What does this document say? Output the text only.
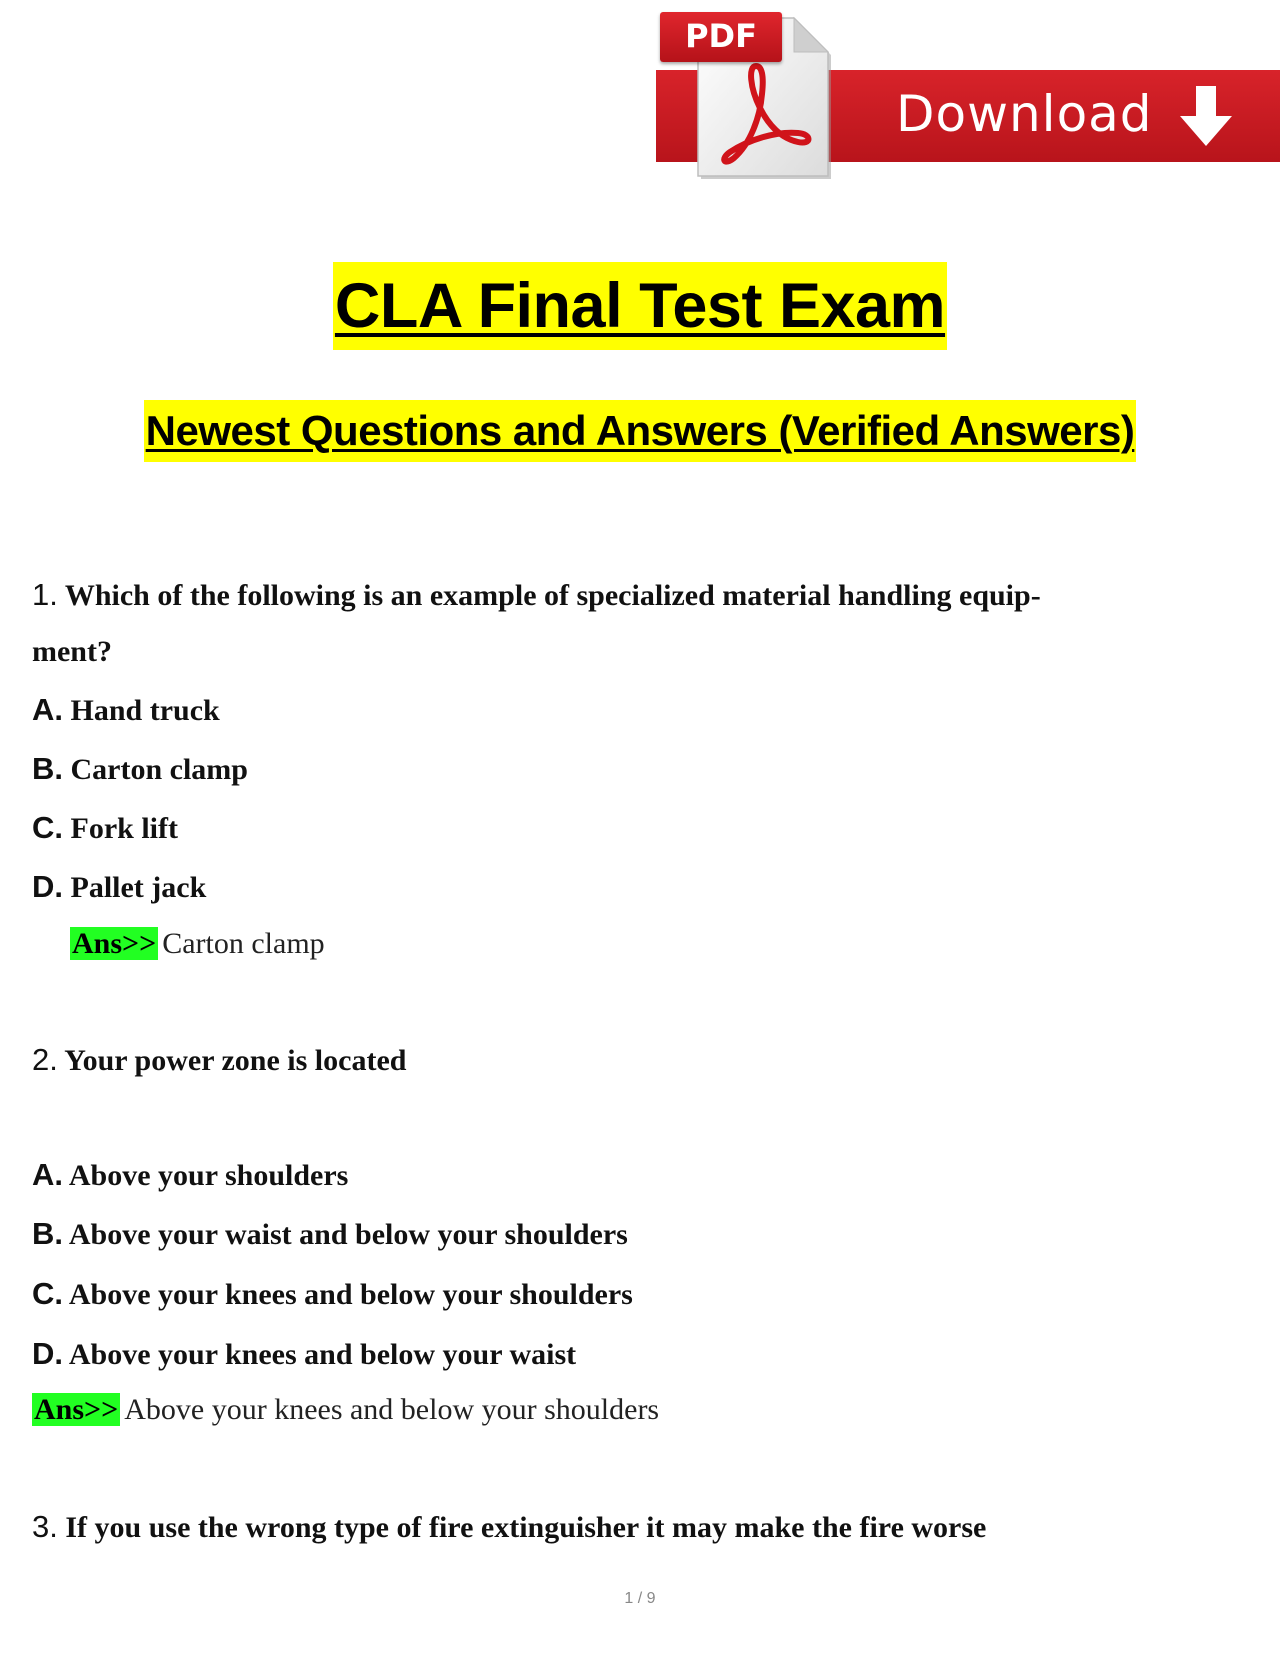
Download
PDF
CLA Final Test Exam
Newest Questions and Answers (Verified Answers)
1. Which of the following is an example of specialized material handling equip-
ment?
A. Hand truck
B. Carton clamp
C. Fork lift
D. Pallet jack
Ans>> Carton clamp
2. Your power zone is located
A. Above your shoulders
B. Above your waist and below your shoulders
C. Above your knees and below your shoulders
D. Above your knees and below your waist
Ans>> Above your knees and below your shoulders
3. If you use the wrong type of fire extinguisher it may make the fire worse
1 / 9
